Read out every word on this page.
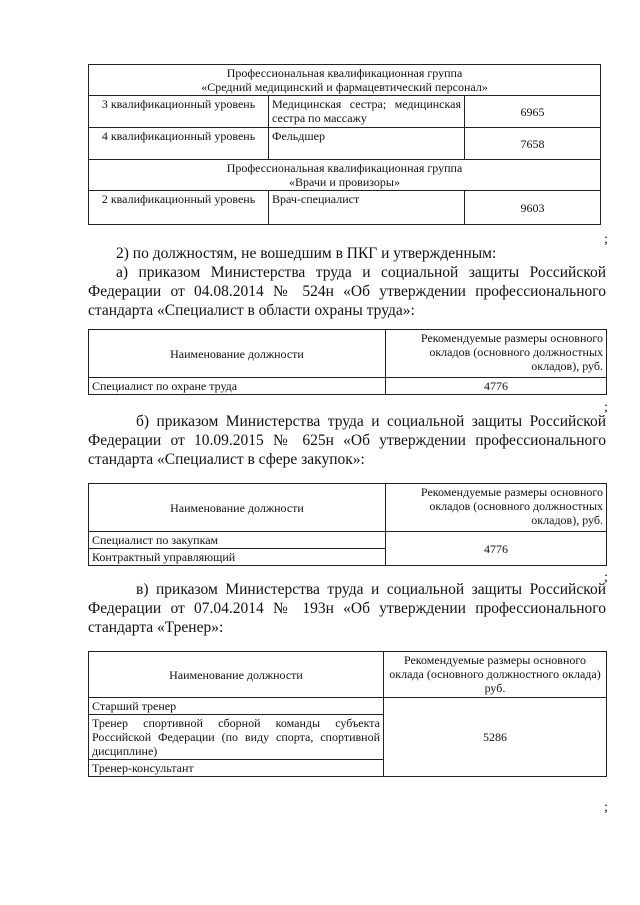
Профессиональная квалификационная группа
«Средний медицинский и фармацевтический персонал»		

3 квалификационный уровень	Медицинская сестра; медицинская сестра по массажу	6965
4 квалификационный уровень	Фельдшер	7658

Профессиональная квалификационная группа
«Врачи и провизоры»		

2 квалификационный уровень	Врач-специалист	9603
;
2) по должностям, не вошедшим в ПКГ и утвержденным:
а) приказом Министерства труда и социальной защиты Российской Федерации от 04.08.2014 № 524н «Об утверждении профессионального стандарта «Специалист в области охраны труда»:
Наименование должности	Рекомендуемые размеры основного окладов (основного должностных окладов), руб.
Специалист по охране труда	4776
;
б) приказом Министерства труда и социальной защиты Российской Федерации от 10.09.2015 № 625н «Об утверждении профессионального стандарта «Специалист в сфере закупок»:
Наименование должности	Рекомендуемые размеры основного окладов (основного должностных окладов), руб.
Специалист по закупкам	4776
Контрактный управляющий	
;
в) приказом Министерства труда и социальной защиты Российской Федерации от 07.04.2014 № 193н «Об утверждении профессионального стандарта «Тренер»:
Наименование должности	Рекомендуемые размеры основного оклада (основного должностного оклада) руб.
Старший тренер	5286
Тренер спортивной сборной команды субъекта Российской Федерации (по виду спорта, спортивной дисциплине)	
Тренер-консультант	
;
